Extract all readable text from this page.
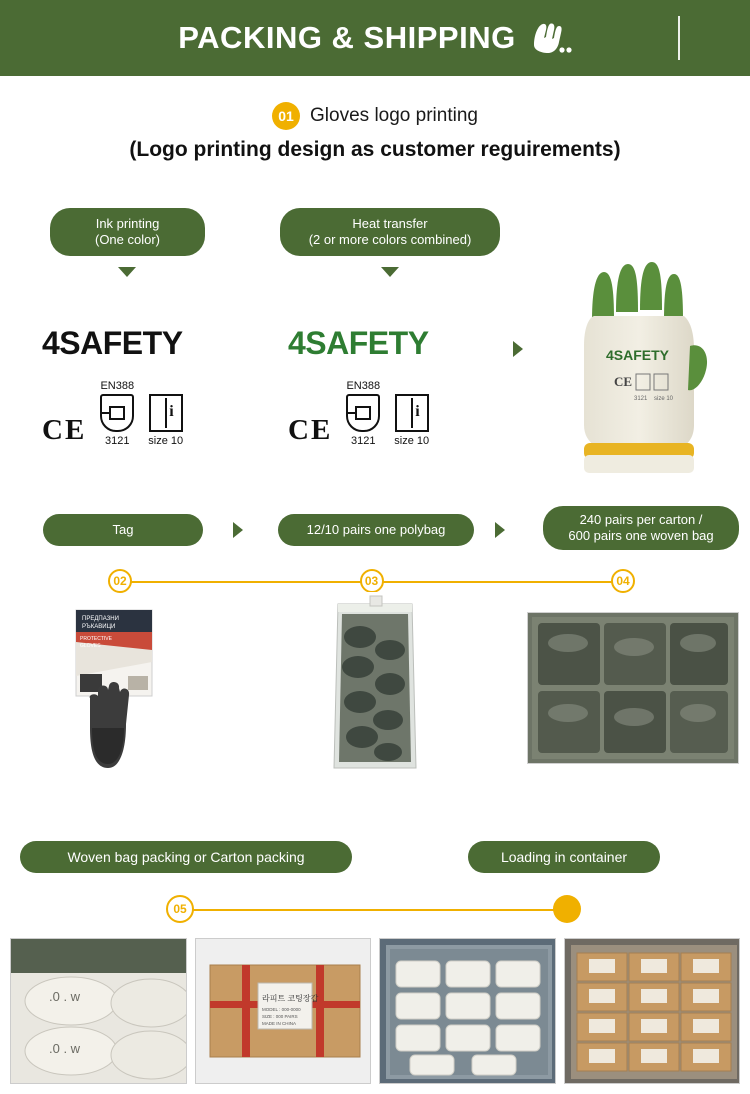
PACKING & SHIPPING
01 Gloves logo printing
(Logo printing design as customer reguirements)
Ink printing
(One color)
Heat transfer
(2 or more colors combined)
4SAFETY
CE
EN388
3121
i
size 10
4SAFETY
CE
EN388
3121
i
size 10
4SAFETY
CE
3121 size 10
Tag	12/10 pairs one polybag
240 pairs per carton /
600 pairs one woven bag
02	03	04
ПРЕДПАЗНИ
РЪКАВИЦИ
PROTECTIVE
GLOVES
Woven bag packing or Carton packing	Loading in container
05
.0 . w
.0 . w
라피트 코팅장갑
MODEL : 000-0000
SIZE : 000 PAIRS
MADE IN CHINA
